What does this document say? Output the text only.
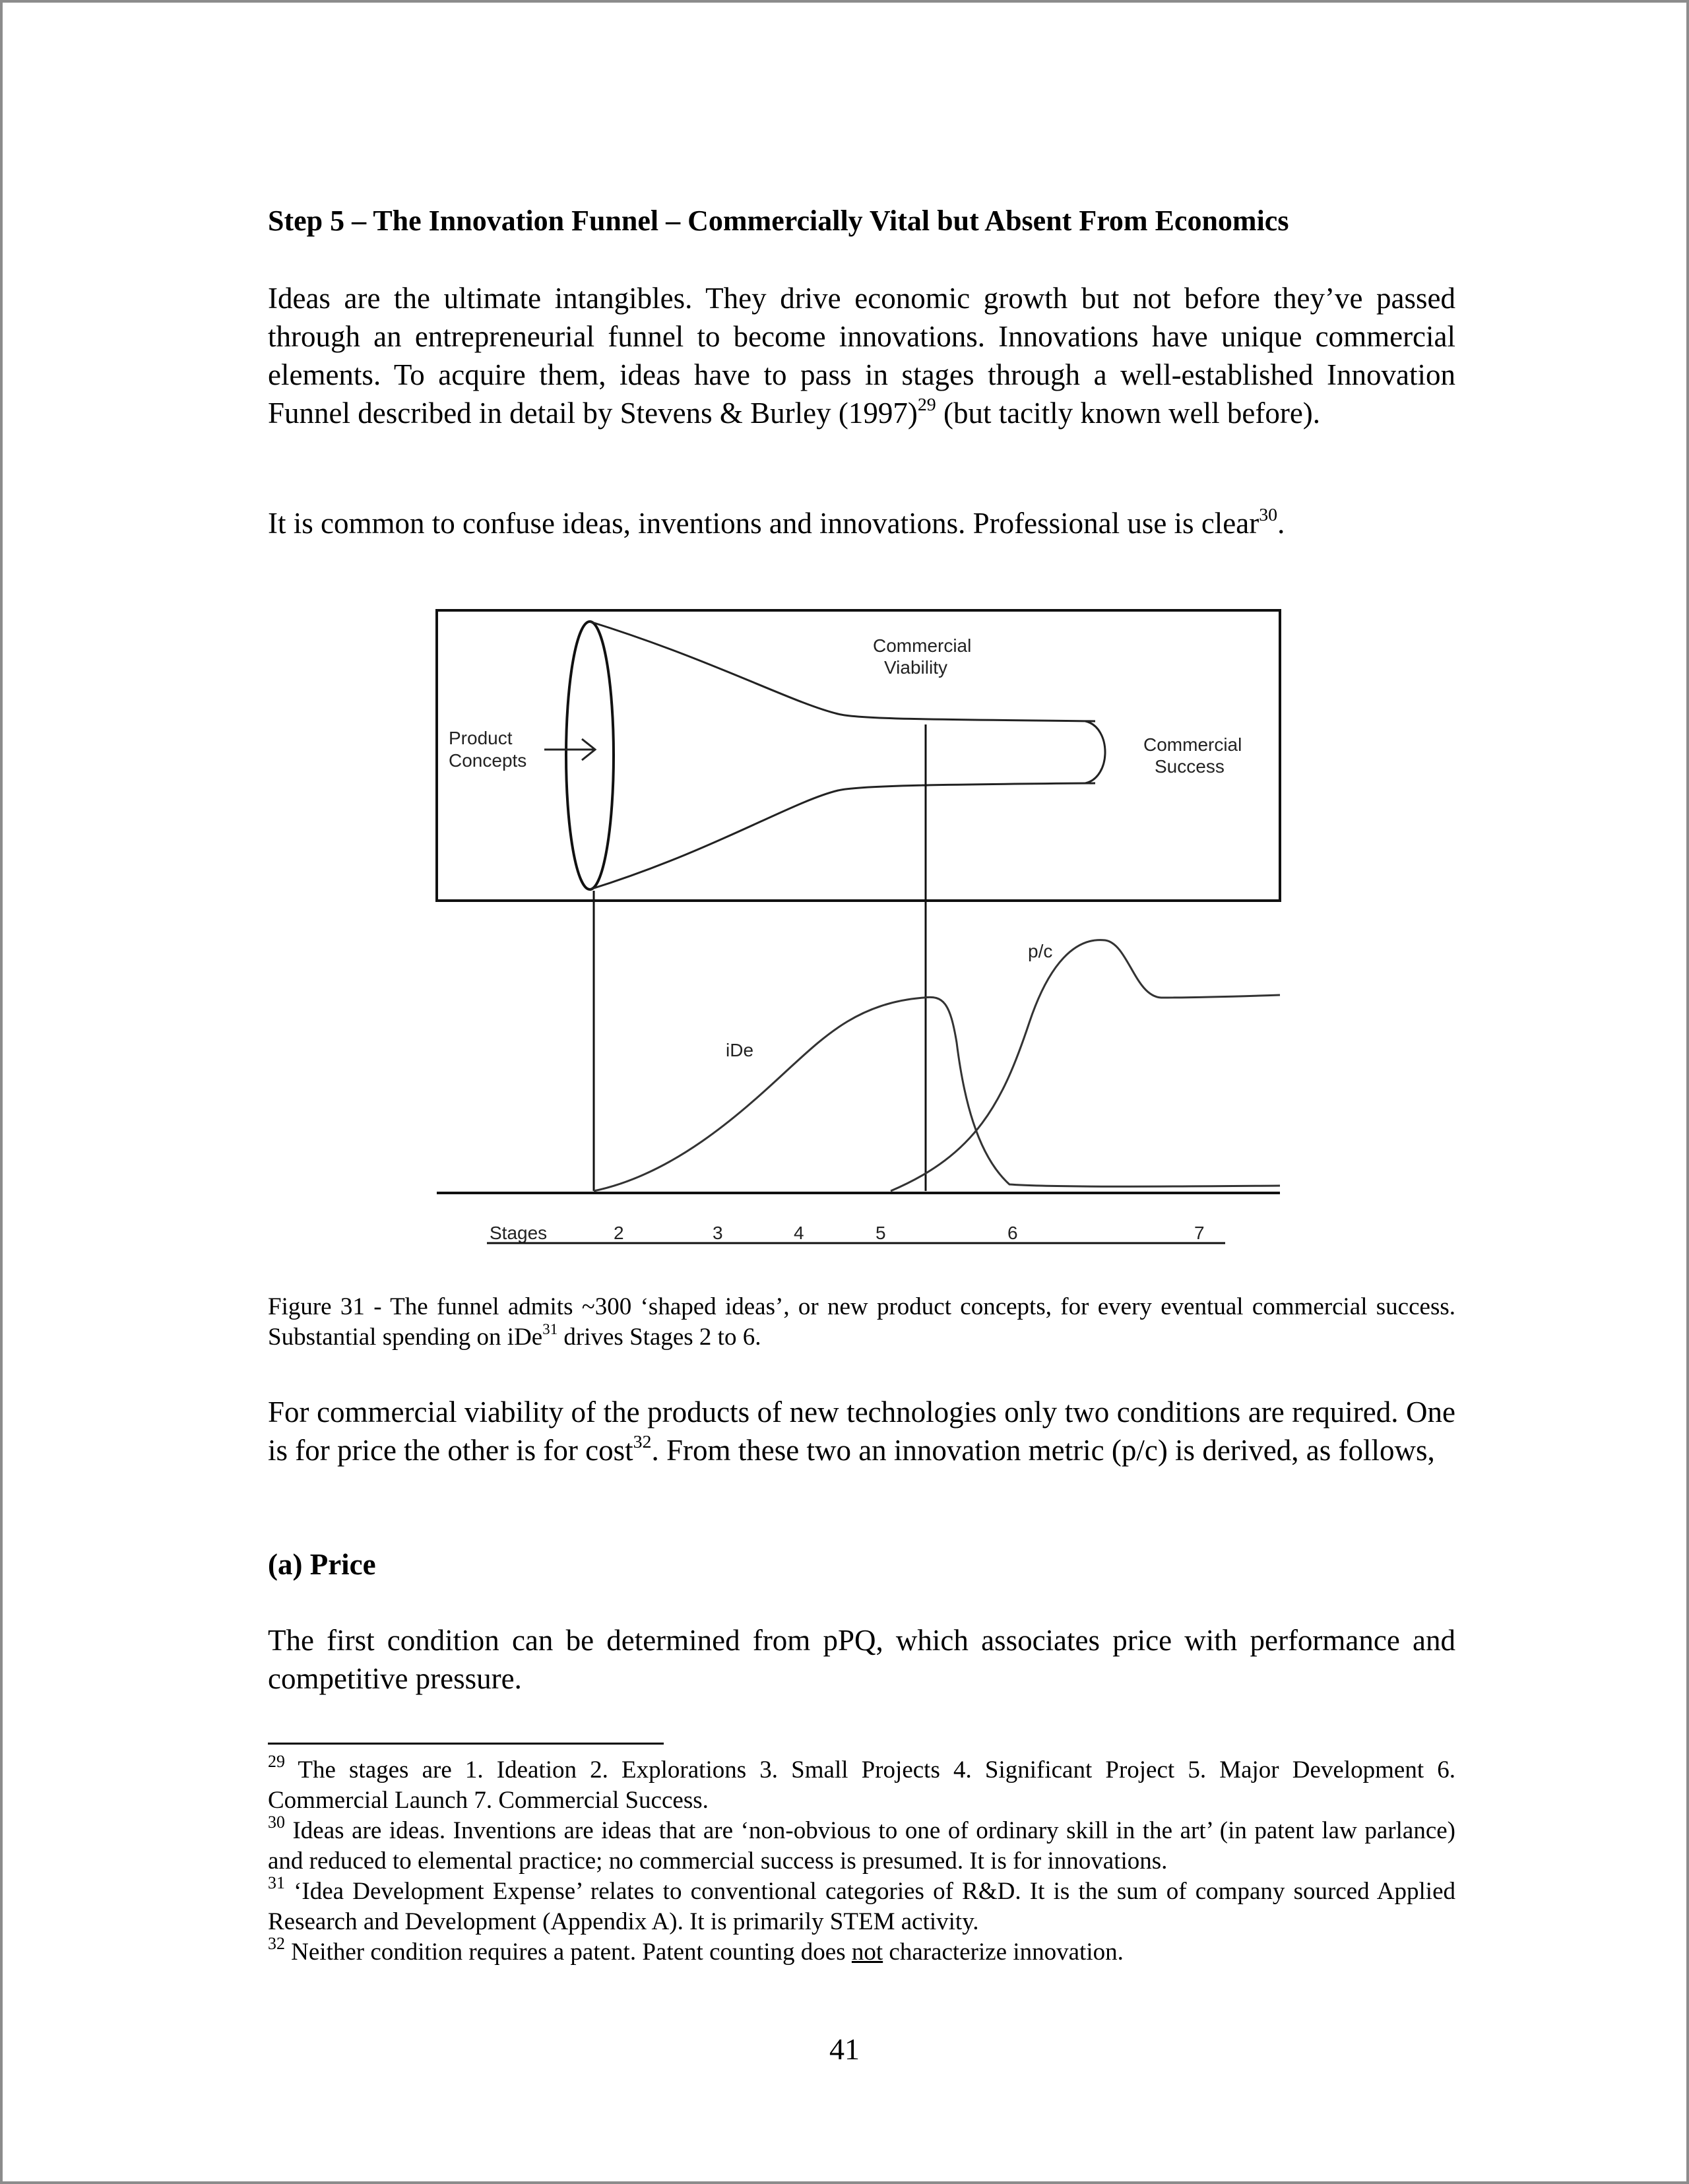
Step 5 – The Innovation Funnel – Commercially Vital but Absent From Economics

Ideas are the ultimate intangibles. They drive economic growth but not before they’ve passed through an entrepreneurial funnel to become innovations. Innovations have unique commercial elements. To acquire them, ideas have to pass in stages through a well-established Innovation Funnel described in detail by Stevens & Burley $(1997)^{29}$ (but tacitly known well before).

It is common to confuse ideas, inventions and innovations. Professional use is clear$^{30}$.

Product
Concepts
Commercial
Viability
Commercial
Success
p/c
iDe
Stages	2	3	4	5	6	7

Figure 31 - The funnel admits ~300 ‘shaped ideas’, or new product concepts, for every eventual commercial success. Substantial spending on iDe$^{31}$ drives Stages 2 to 6.

For commercial viability of the products of new technologies only two conditions are required. One is for price the other is for cost$^{32}$. From these two an innovation metric (p/c) is derived, as follows,

(a) Price

The first condition can be determined from pPQ, which associates price with performance and competitive pressure.

$^{29}$ The stages are 1. Ideation 2. Explorations 3. Small Projects 4. Significant Project 5. Major Development 6. Commercial Launch 7. Commercial Success.

$^{30}$ Ideas are ideas. Inventions are ideas that are ‘non-obvious to one of ordinary skill in the art’ (in patent law parlance) and reduced to elemental practice; no commercial success is presumed. It is for innovations.

$^{31}$ ‘Idea Development Expense’ relates to conventional categories of R&D. It is the sum of company sourced Applied Research and Development (Appendix A). It is primarily STEM activity.

$^{32}$ Neither condition requires a patent. Patent counting does not characterize innovation.

41
